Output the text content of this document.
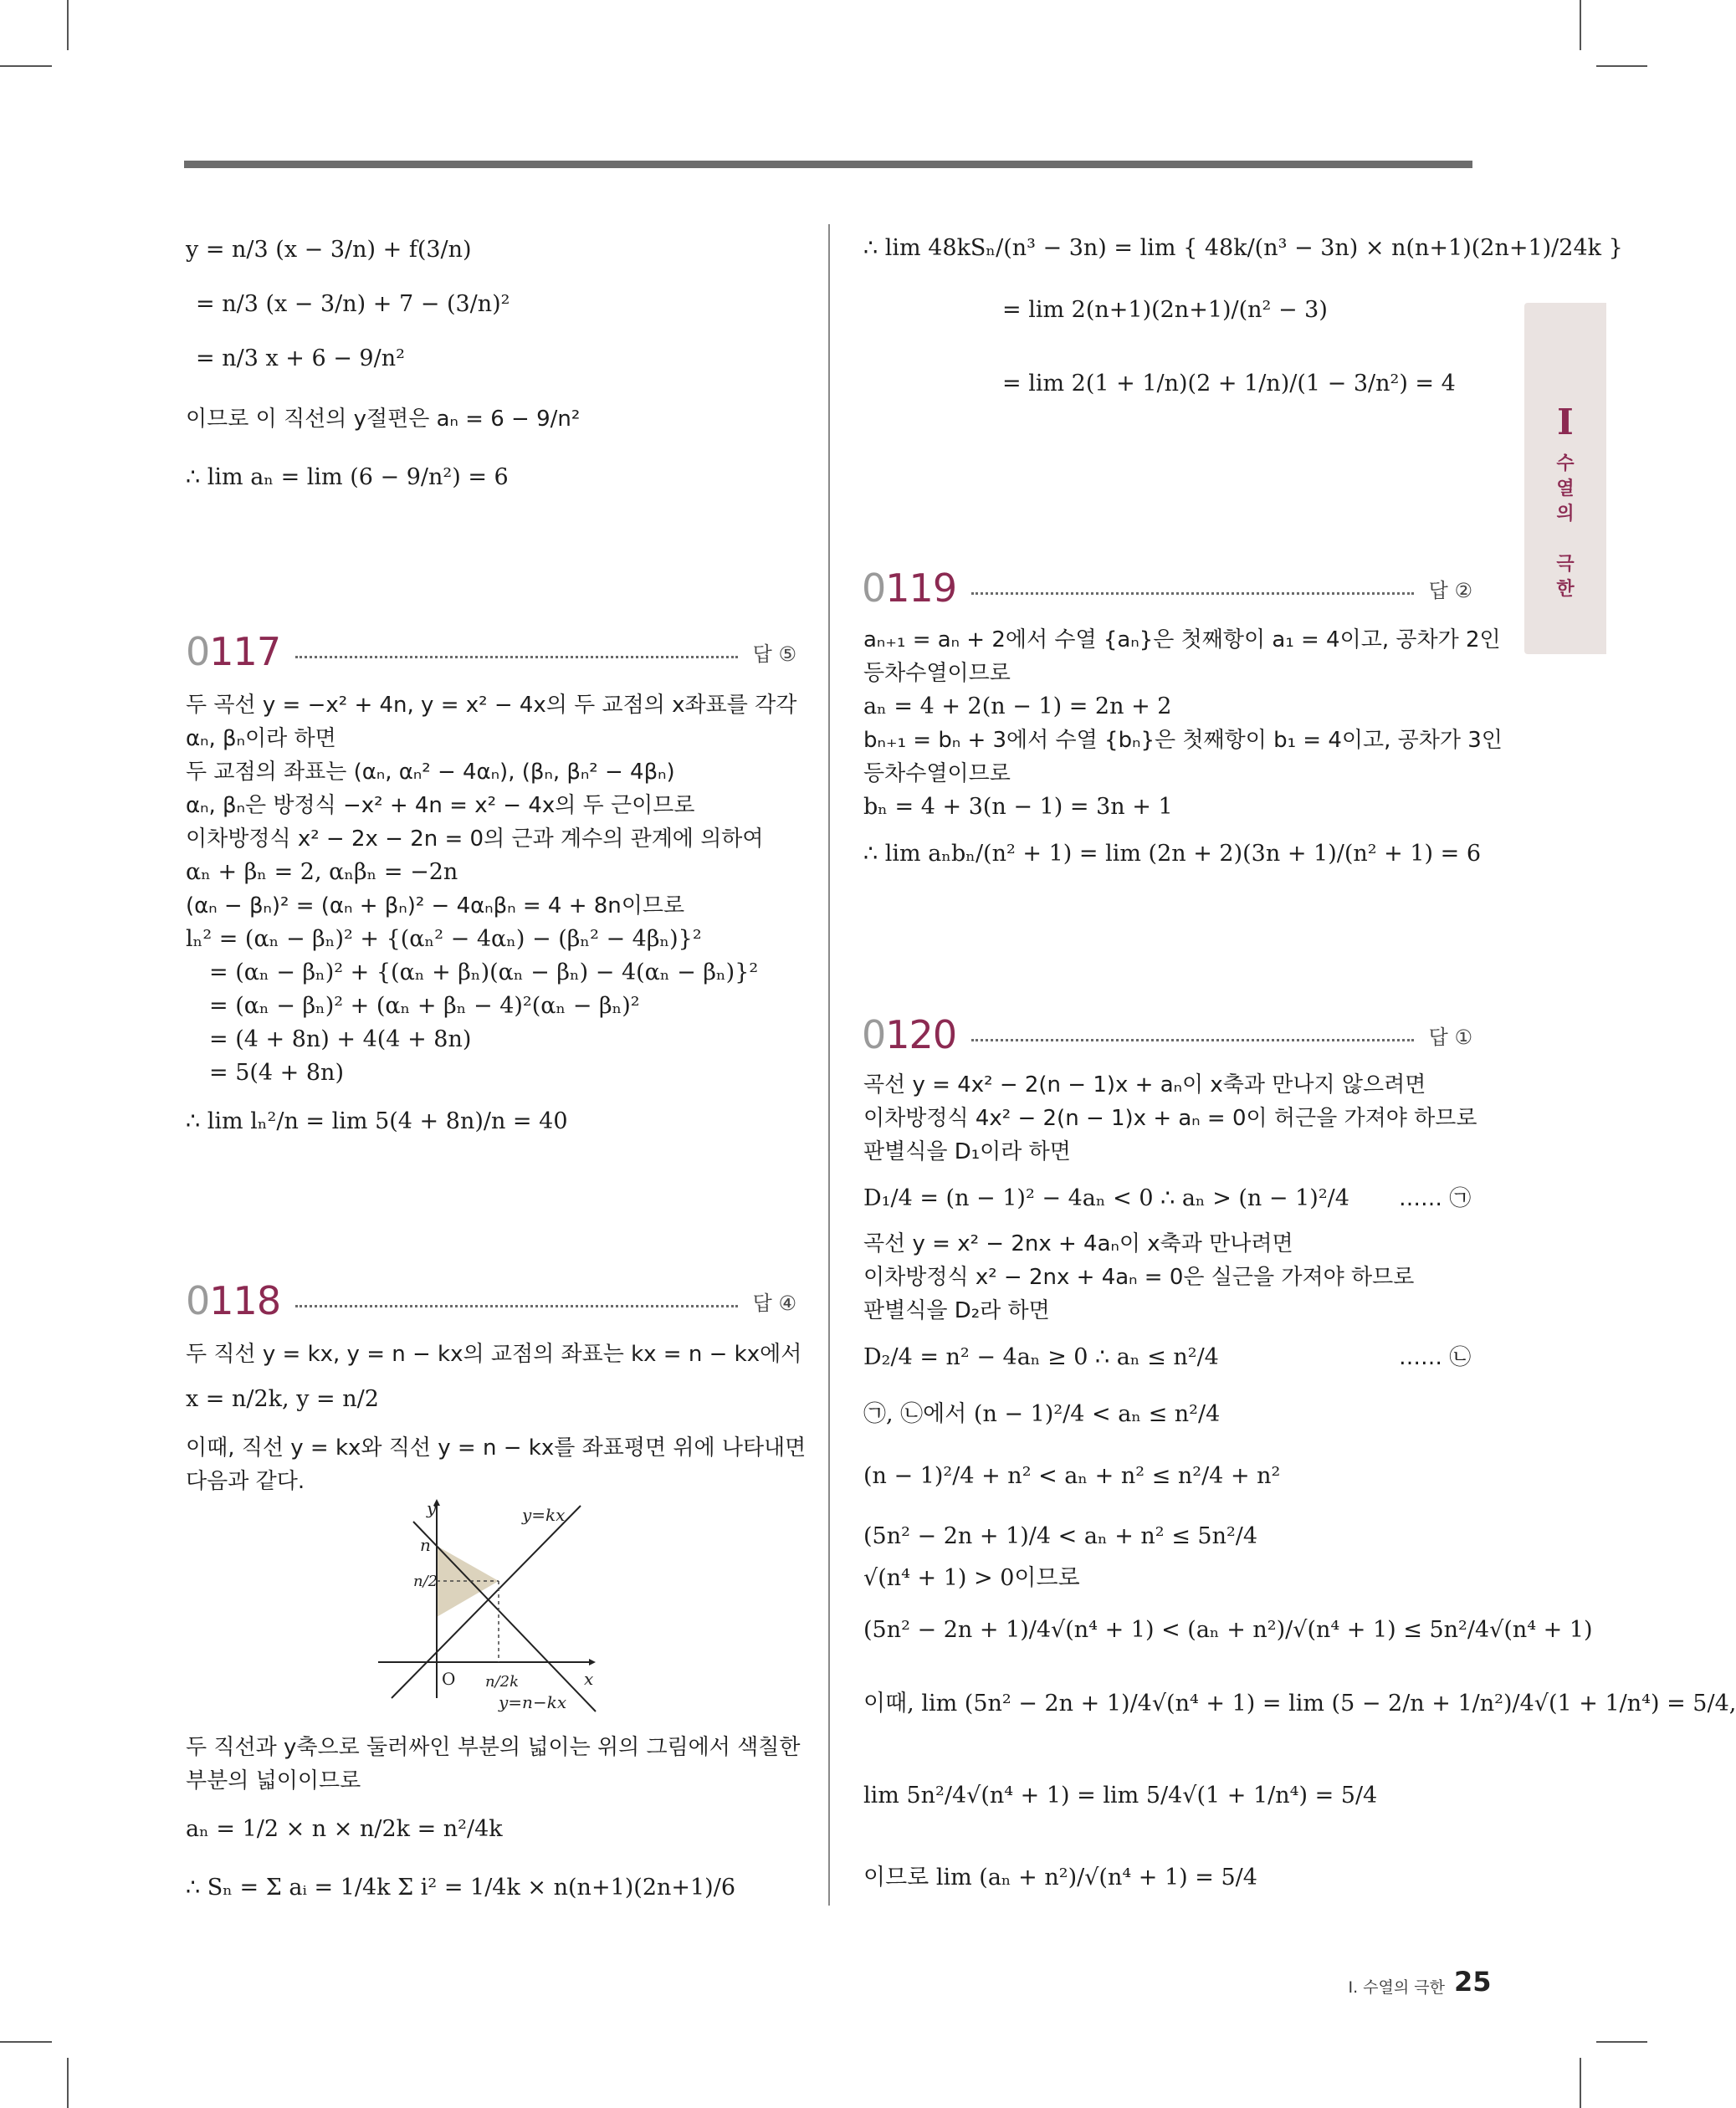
I
수
열
의

극
한
y = n/3 (x − 3/n) + f(3/n)
= n/3 (x − 3/n) + 7 − (3/n)²
= n/3 x + 6 − 9/n²
이므로 이 직선의 y절편은 aₙ = 6 − 9/n²
∴ lim aₙ = lim (6 − 9/n²) = 6
0117	답 ⑤
두 곡선 y = −x² + 4n, y = x² − 4x의 두 교점의 x좌표를 각각
αₙ, βₙ이라 하면
두 교점의 좌표는 (αₙ, αₙ² − 4αₙ), (βₙ, βₙ² − 4βₙ)
αₙ, βₙ은 방정식 −x² + 4n = x² − 4x의 두 근이므로
이차방정식 x² − 2x − 2n = 0의 근과 계수의 관계에 의하여
αₙ + βₙ = 2, αₙβₙ = −2n
(αₙ − βₙ)² = (αₙ + βₙ)² − 4αₙβₙ = 4 + 8n이므로
lₙ² = (αₙ − βₙ)² + {(αₙ² − 4αₙ) − (βₙ² − 4βₙ)}²
= (αₙ − βₙ)² + {(αₙ + βₙ)(αₙ − βₙ) − 4(αₙ − βₙ)}²
= (αₙ − βₙ)² + (αₙ + βₙ − 4)²(αₙ − βₙ)²
= (4 + 8n) + 4(4 + 8n)
= 5(4 + 8n)
∴ lim lₙ²/n = lim 5(4 + 8n)/n = 40
0118	답 ④
두 직선 y = kx, y = n − kx의 교점의 좌표는 kx = n − kx에서
x = n/2k, y = n/2
이때, 직선 y = kx와 직선 y = n − kx를 좌표평면 위에 나타내면
다음과 같다.
y
x
O
n
n/2
n/2k
y=kx
y=n−kx
두 직선과 y축으로 둘러싸인 부분의 넓이는 위의 그림에서 색칠한
부분의 넓이이므로
aₙ = 1/2 × n × n/2k = n²/4k
∴ Sₙ = Σ aᵢ = 1/4k Σ i² = 1/4k × n(n+1)(2n+1)/6
∴ lim 48kSₙ/(n³ − 3n) = lim { 48k/(n³ − 3n) × n(n+1)(2n+1)/24k }
= lim 2(n+1)(2n+1)/(n² − 3)
= lim 2(1 + 1/n)(2 + 1/n)/(1 − 3/n²) = 4
0119	답 ②
aₙ₊₁ = aₙ + 2에서 수열 {aₙ}은 첫째항이 a₁ = 4이고, 공차가 2인
등차수열이므로
aₙ = 4 + 2(n − 1) = 2n + 2
bₙ₊₁ = bₙ + 3에서 수열 {bₙ}은 첫째항이 b₁ = 4이고, 공차가 3인
등차수열이므로
bₙ = 4 + 3(n − 1) = 3n + 1
∴ lim aₙbₙ/(n² + 1) = lim (2n + 2)(3n + 1)/(n² + 1) = 6
0120	답 ①
곡선 y = 4x² − 2(n − 1)x + aₙ이 x축과 만나지 않으려면
이차방정식 4x² − 2(n − 1)x + aₙ = 0이 허근을 가져야 하므로
판별식을 D₁이라 하면
D₁/4 = (n − 1)² − 4aₙ < 0 ∴ aₙ > (n − 1)²/4 …… ㉠
곡선 y = x² − 2nx + 4aₙ이 x축과 만나려면
이차방정식 x² − 2nx + 4aₙ = 0은 실근을 가져야 하므로
판별식을 D₂라 하면
D₂/4 = n² − 4aₙ ≥ 0 ∴ aₙ ≤ n²/4	…… ㉡
㉠, ㉡에서 (n − 1)²/4 < aₙ ≤ n²/4
(n − 1)²/4 + n² < aₙ + n² ≤ n²/4 + n²
(5n² − 2n + 1)/4 < aₙ + n² ≤ 5n²/4
√(n⁴ + 1) > 0이므로
(5n² − 2n + 1)/4√(n⁴ + 1) < (aₙ + n²)/√(n⁴ + 1) ≤ 5n²/4√(n⁴ + 1)
이때, lim (5n² − 2n + 1)/4√(n⁴ + 1) = lim (5 − 2/n + 1/n²)/4√(1 + 1/n⁴) = 5/4,
lim 5n²/4√(n⁴ + 1) = lim 5/4√(1 + 1/n⁴) = 5/4
이므로 lim (aₙ + n²)/√(n⁴ + 1) = 5/4
Ⅰ. 수열의 극한 25
